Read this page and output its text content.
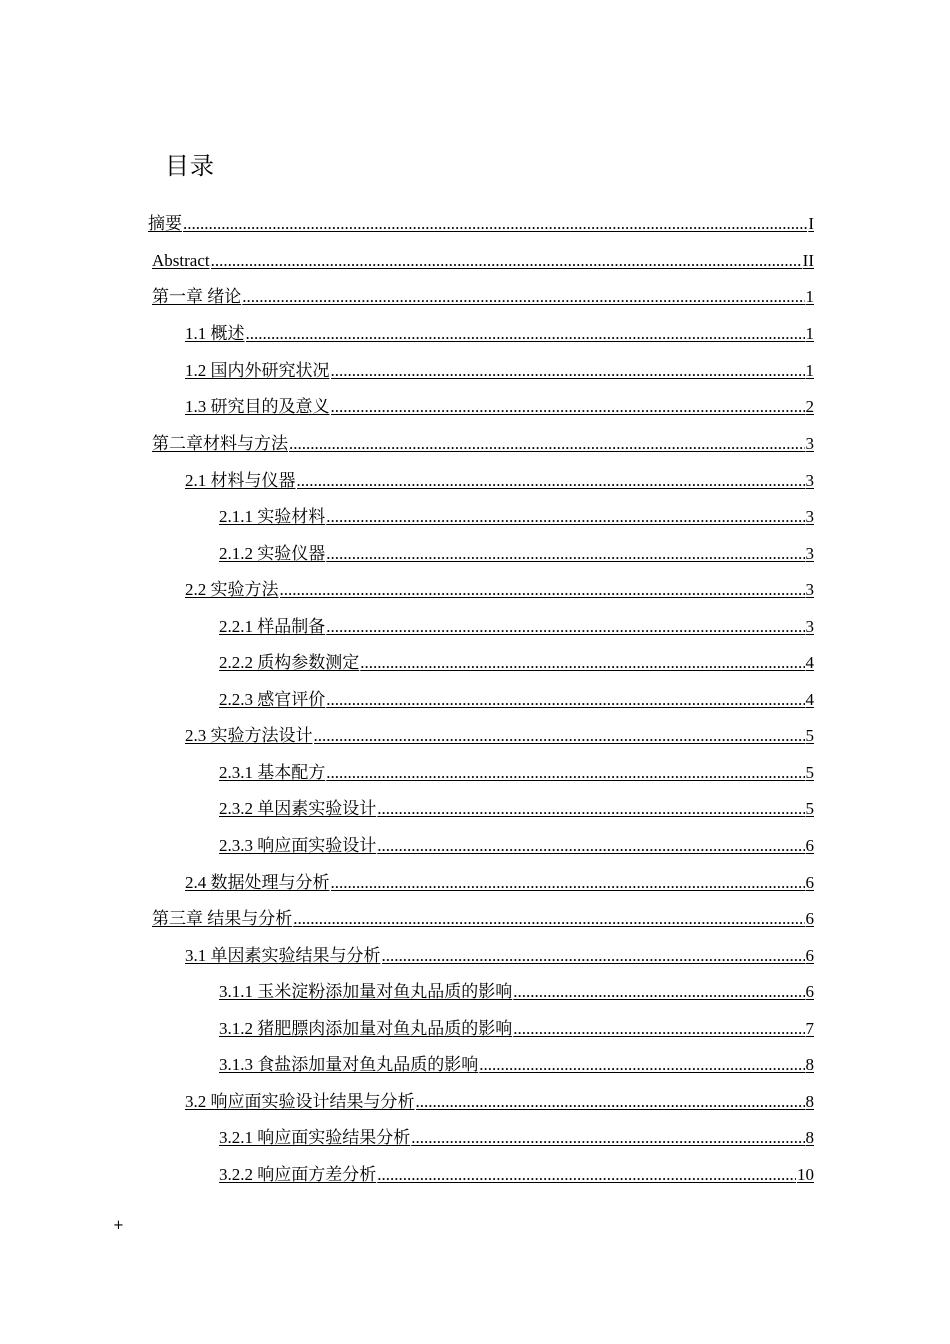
目录
摘要 .....	I
Abstract .....	II
第一章 绪论 .....	1
1.1 概述 .....	1
1.2 国内外研究状况 .....	1
1.3 研究目的及意义 .....	2
第二章材料与方法 .....	3
2.1 材料与仪器 .....	3
2.1.1 实验材料 .....	3
2.1.2 实验仪器 .....	3
2.2 实验方法 .....	3
2.2.1 样品制备 .....	3
2.2.2 质构参数测定 .....	4
2.2.3 感官评价 .....	4
2.3 实验方法设计 .....	5
2.3.1 基本配方 .....	5
2.3.2 单因素实验设计 .....	5
2.3.3 响应面实验设计 .....	6
2.4 数据处理与分析 .....	6
第三章 结果与分析 .....	6
3.1 单因素实验结果与分析 .....	6
3.1.1 玉米淀粉添加量对鱼丸品质的影响 .....	6
3.1.2 猪肥膘肉添加量对鱼丸品质的影响 .....	7
3.1.3 食盐添加量对鱼丸品质的影响 .....	8
3.2 响应面实验设计结果与分析 .....	8
3.2.1 响应面实验结果分析 .....	8
3.2.2 响应面方差分析 .....	10
+
